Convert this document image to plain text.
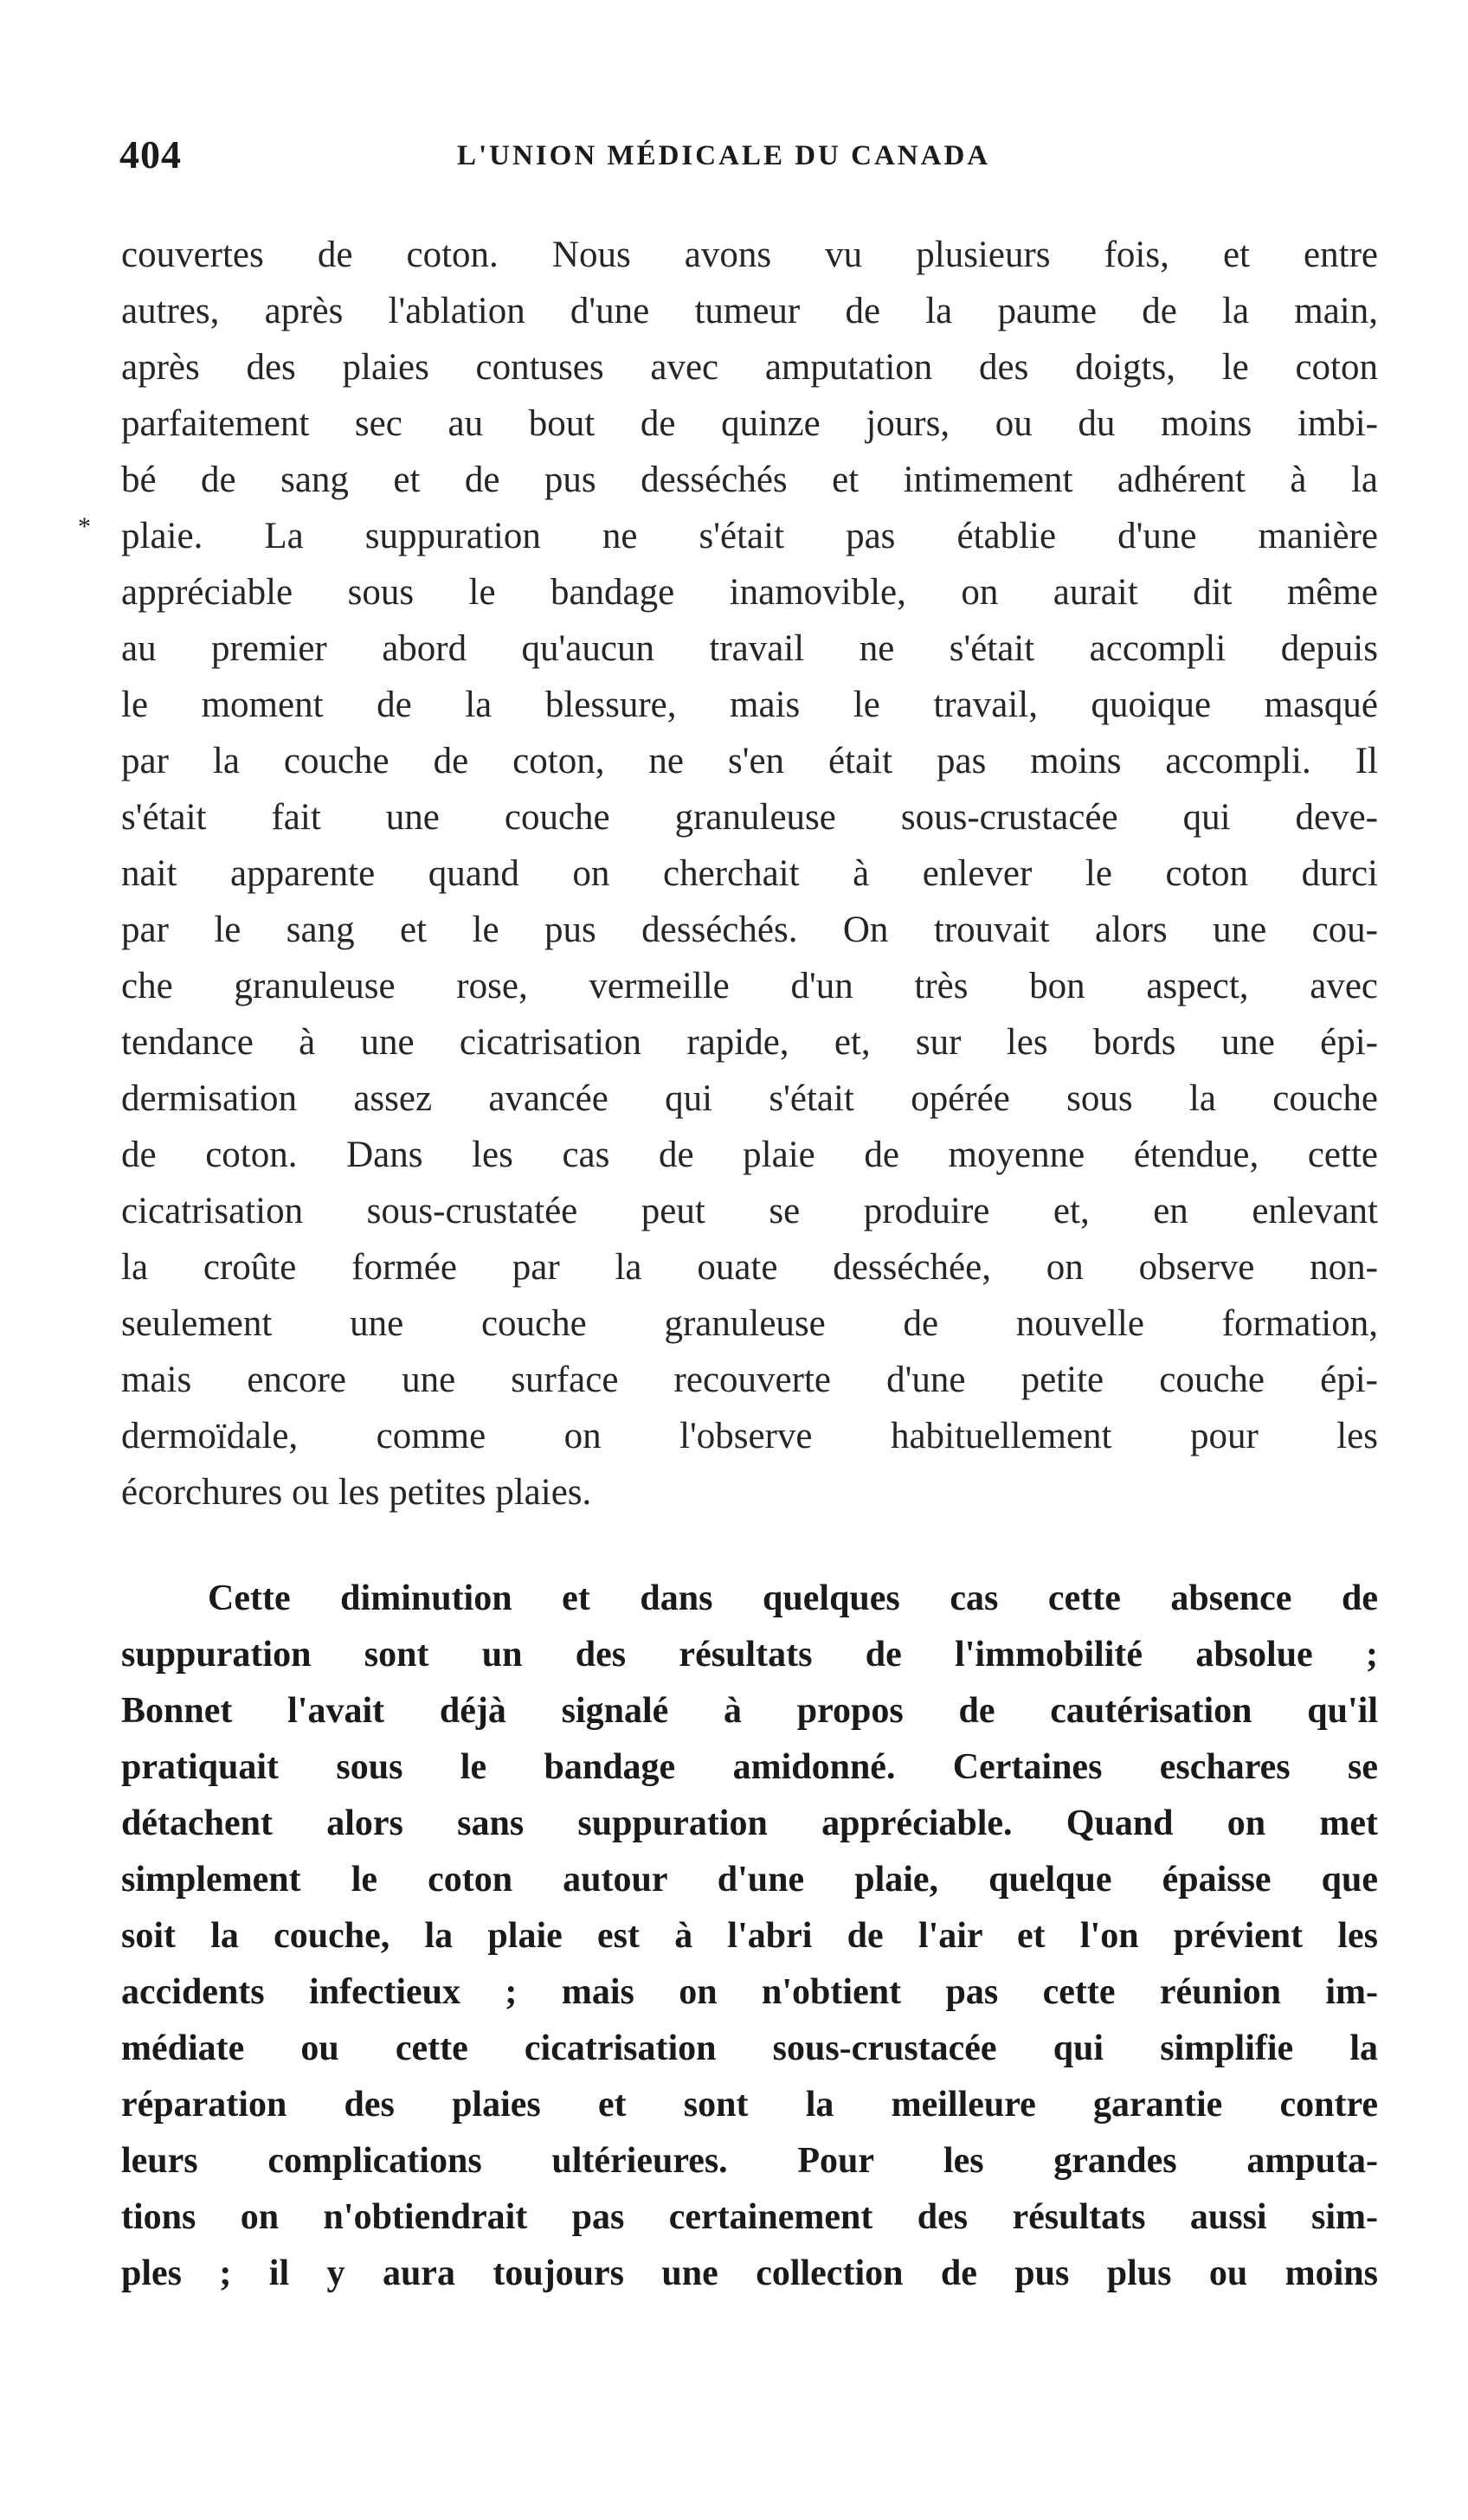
404	L'UNION MÉDICALE DU CANADA
*
couvertes de coton. Nous avons vu plusieurs fois, et entre
autres, après l'ablation d'une tumeur de la paume de la main,
après des plaies contuses avec amputation des doigts, le coton
parfaitement sec au bout de quinze jours, ou du moins imbi-
bé de sang et de pus desséchés et intimement adhérent à la
plaie. La suppuration ne s'était pas établie d'une manière
appréciable sous le bandage inamovible, on aurait dit même
au premier abord qu'aucun travail ne s'était accompli depuis
le moment de la blessure, mais le travail, quoique masqué
par la couche de coton, ne s'en était pas moins accompli. Il
s'était fait une couche granuleuse sous-crustacée qui deve-
nait apparente quand on cherchait à enlever le coton durci
par le sang et le pus desséchés. On trouvait alors une cou-
che granuleuse rose, vermeille d'un très bon aspect, avec
tendance à une cicatrisation rapide, et, sur les bords une épi-
dermisation assez avancée qui s'était opérée sous la couche
de coton. Dans les cas de plaie de moyenne étendue, cette
cicatrisation sous-crustatée peut se produire et, en enlevant
la croûte formée par la ouate desséchée, on observe non-
seulement une couche granuleuse de nouvelle formation,
mais encore une surface recouverte d'une petite couche épi-
dermoïdale, comme on l'observe habituellement pour les
écorchures ou les petites plaies.
Cette diminution et dans quelques cas cette absence de
suppuration sont un des résultats de l'immobilité absolue ;
Bonnet l'avait déjà signalé à propos de cautérisation qu'il
pratiquait sous le bandage amidonné. Certaines eschares se
détachent alors sans suppuration appréciable. Quand on met
simplement le coton autour d'une plaie, quelque épaisse que
soit la couche, la plaie est à l'abri de l'air et l'on prévient les
accidents infectieux ; mais on n'obtient pas cette réunion im-
médiate ou cette cicatrisation sous-crustacée qui simplifie la
réparation des plaies et sont la meilleure garantie contre
leurs complications ultérieures. Pour les grandes amputa-
tions on n'obtiendrait pas certainement des résultats aussi sim-
ples ; il y aura toujours une collection de pus plus ou moins
